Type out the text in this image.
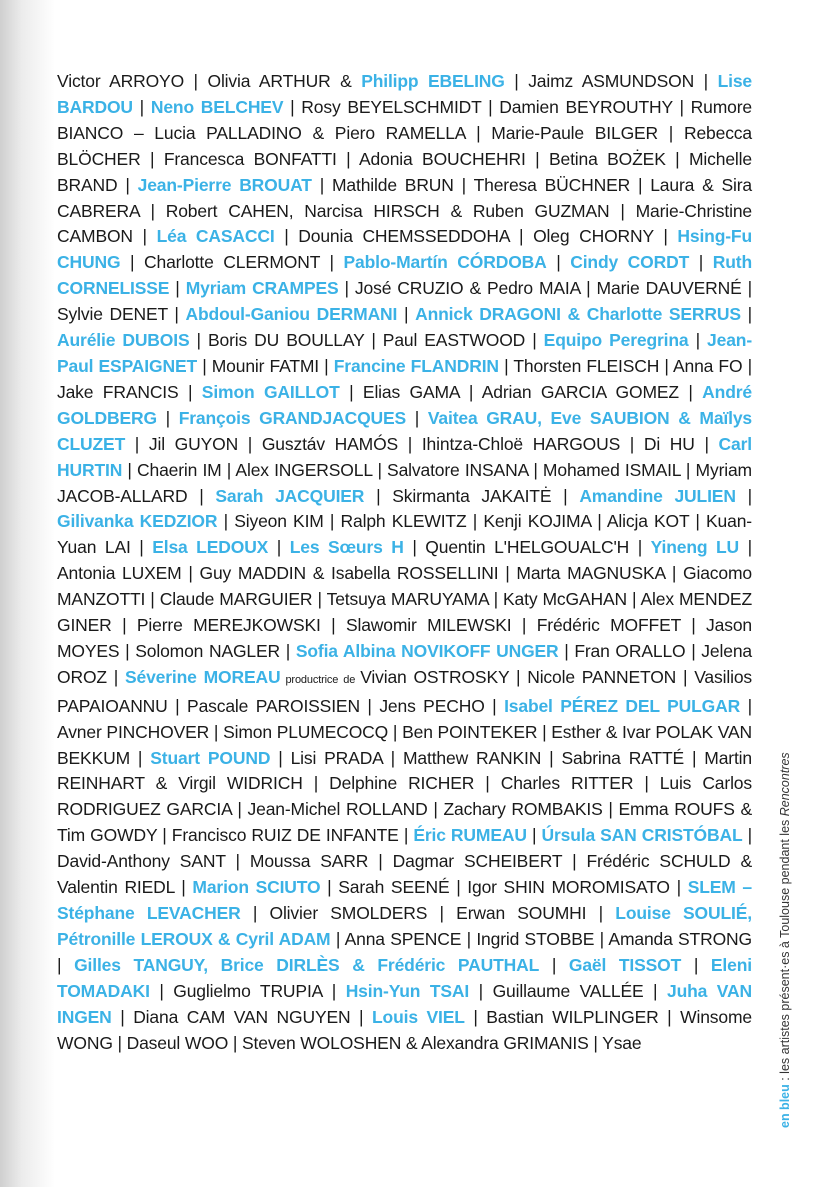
Victor ARROYO | Olivia ARTHUR & Philipp EBELING | Jaimz ASMUNDSON | Lise BARDOU | Neno BELCHEV | Rosy BEYELSCHMIDT | Damien BEYROUTHY | Rumore BIANCO – Lucia PALLADINO & Piero RAMELLA | Marie-Paule BILGER | Rebecca BLÖCHER | Francesca BONFATTI | Adonia BOUCHEHRI | Betina BOŻEK | Michelle BRAND | Jean-Pierre BROUAT | Mathilde BRUN | Theresa BÜCHNER | Laura & Sira CABRERA | Robert CAHEN, Narcisa HIRSCH & Ruben GUZMAN | Marie-Christine CAMBON | Léa CASACCI | Dounia CHEMSSEDDOHA | Oleg CHORNY | Hsing-Fu CHUNG | Charlotte CLERMONT | Pablo-Martín CÓRDOBA | Cindy CORDT | Ruth CORNELISSE | Myriam CRAMPES | José CRUZIO & Pedro MAIA | Marie DAUVERNÉ | Sylvie DENET | Abdoul-Ganiou DERMANI | Annick DRAGONI & Charlotte SERRUS | Aurélie DUBOIS | Boris DU BOULLAY | Paul EASTWOOD | Equipo Peregrina | Jean-Paul ESPAIGNET | Mounir FATMI | Francine FLANDRIN | Thorsten FLEISCH | Anna FO | Jake FRANCIS | Simon GAILLOT | Elias GAMA | Adrian GARCIA GOMEZ | André GOLDBERG | François GRANDJACQUES | Vaitea GRAU, Eve SAUBION & Maïlys CLUZET | Jil GUYON | Gusztáv HAMÓS | Ihintza-Chloë HARGOUS | Di HU | Carl HURTIN | Chaerin IM | Alex INGERSOLL | Salvatore INSANA | Mohamed ISMAIL | Myriam JACOB-ALLARD | Sarah JACQUIER | Skirmanta JAKAITĖ | Amandine JULIEN | Gilivanka KEDZIOR | Siyeon KIM | Ralph KLEWITZ | Kenji KOJIMA | Alicja KOT | Kuan-Yuan LAI | Elsa LEDOUX | Les Sœurs H | Quentin L'HELGOUALC'H | Yineng LU | Antonia LUXEM | Guy MADDIN & Isabella ROSSELLINI | Marta MAGNUSKA | Giacomo MANZOTTI | Claude MARGUIER | Tetsuya MARUYAMA | Katy McGAHAN | Alex MENDEZ GINER | Pierre MEREJKOWSKI | Slawomir MILEWSKI | Frédéric MOFFET | Jason MOYES | Solomon NAGLER | Sofia Albina NOVIKOFF UNGER | Fran ORALLO | Jelena OROZ | Séverine MOREAU productrice de Vivian OSTROSKY | Nicole PANNETON | Vasilios PAPAIOANNU | Pascale PAROISSIEN | Jens PECHO | Isabel PÉREZ DEL PULGAR | Avner PINCHOVER | Simon PLUMECOCQ | Ben POINTEKER | Esther & Ivar POLAK VAN BEKKUM | Stuart POUND | Lisi PRADA | Matthew RANKIN | Sabrina RATTÉ | Martin REINHART & Virgil WIDRICH | Delphine RICHER | Charles RITTER | Luis Carlos RODRIGUEZ GARCIA | Jean-Michel ROLLAND | Zachary ROMBAKIS | Emma ROUFS & Tim GOWDY | Francisco RUIZ DE INFANTE | Éric RUMEAU | Úrsula SAN CRISTÓBAL | David-Anthony SANT | Moussa SARR | Dagmar SCHEIBERT | Frédéric SCHULD & Valentin RIEDL | Marion SCIUTO | Sarah SEENÉ | Igor SHIN MOROMISATO | SLEM – Stéphane LEVACHER | Olivier SMOLDERS | Erwan SOUMHI | Louise SOULIÉ, Pétronille LEROUX & Cyril ADAM | Anna SPENCE | Ingrid STOBBE | Amanda STRONG | Gilles TANGUY, Brice DIRLÈS & Frédéric PAUTHAL | Gaël TISSOT | Eleni TOMADAKI | Guglielmo TRUPIA | Hsin-Yun TSAI | Guillaume VALLÉE | Juha VAN INGEN | Diana CAM VAN NGUYEN | Louis VIEL | Bastian WILPLINGER | Winsome WONG | Daseul WOO | Steven WOLOSHEN & Alexandra GRIMANIS | Ysae
en bleu : les artistes présent·es à Toulouse pendant les Rencontres
